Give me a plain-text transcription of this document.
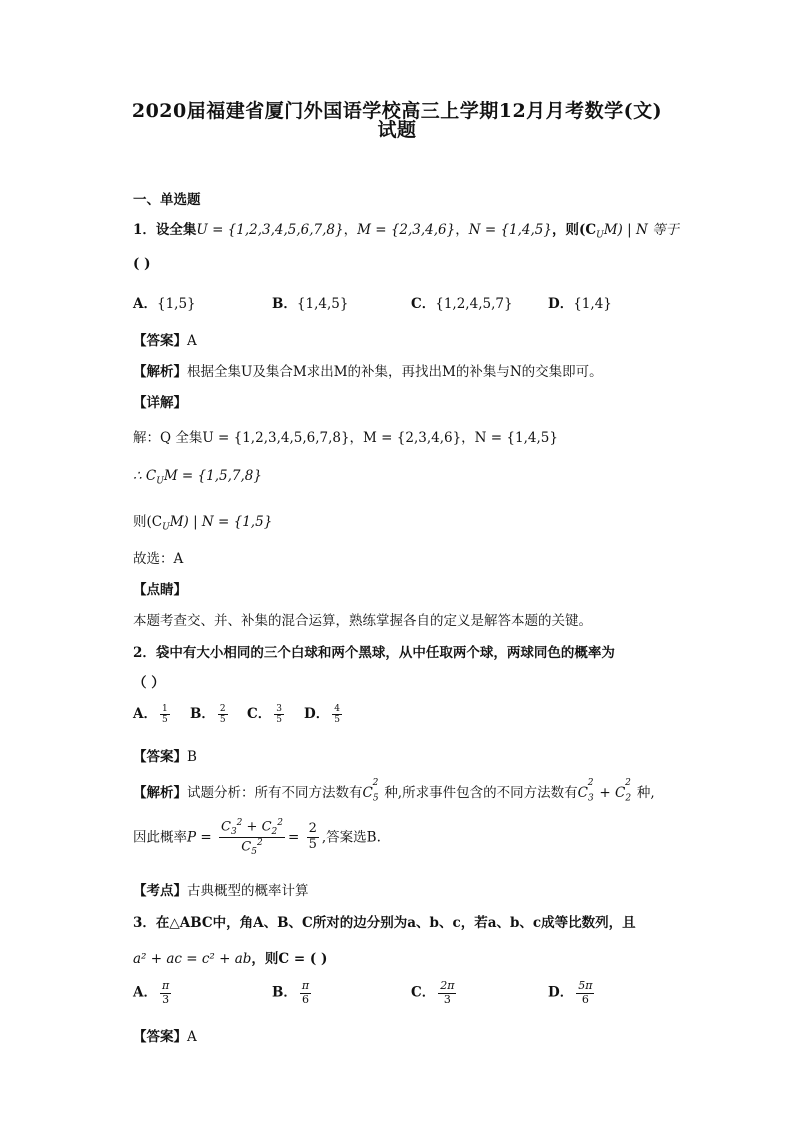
2020届福建省厦门外国语学校高三上学期12月月考数学(文)
试题
一、单选题
1．设全集U = {1,2,3,4,5,6,7,8}，M = {2,3,4,6}，N = {1,4,5}，则$(C_UM)$ | N 等于
( )
A．{1,5}	B．{1,4,5}	C．{1,2,4,5,7}	D．{1,4}
【答案】A
【解析】根据全集U及集合M求出M的补集，再找出M的补集与N的交集即可。
【详解】
解：Q 全集U = {1,2,3,4,5,6,7,8}，M = {2,3,4,6}，N = {1,4,5}
∴ $C_UM = \{1,5,7,8\}$
则$(C_UM)$ | N = {1,5}
故选：A
【点睛】
本题考查交、并、补集的混合运算，熟练掌握各自的定义是解答本题的关键。
2．袋中有大小相同的三个白球和两个黑球，从中任取两个球，两球同色的概率为
（ ）
A． $\frac{1}{5}$ B． $\frac{2}{5}$ C． $\frac{3}{5}$ D． $\frac{4}{5}$
【答案】B
【解析】试题分析：所有不同方法数有$C_5^2$种,所求事件包含的不同方法数有$C_3^2+ C_2^2$种,
因此概率$P = \frac{C_3^2 + C_2^2}{C_5^2} = \frac{2}{5}$ ,答案选B.
【考点】古典概型的概率计算
3．在△ABC中，角A、B、C所对的边分别为a、b、c，若a、b、c成等比数列，且
a² + ac = c² + ab，则C = ( )
A． $\frac{\pi}{3}$	B． $\frac{\pi}{6}$	C． $\frac{2\pi}{3}$	D． $\frac{5\pi}{6}$
【答案】A
